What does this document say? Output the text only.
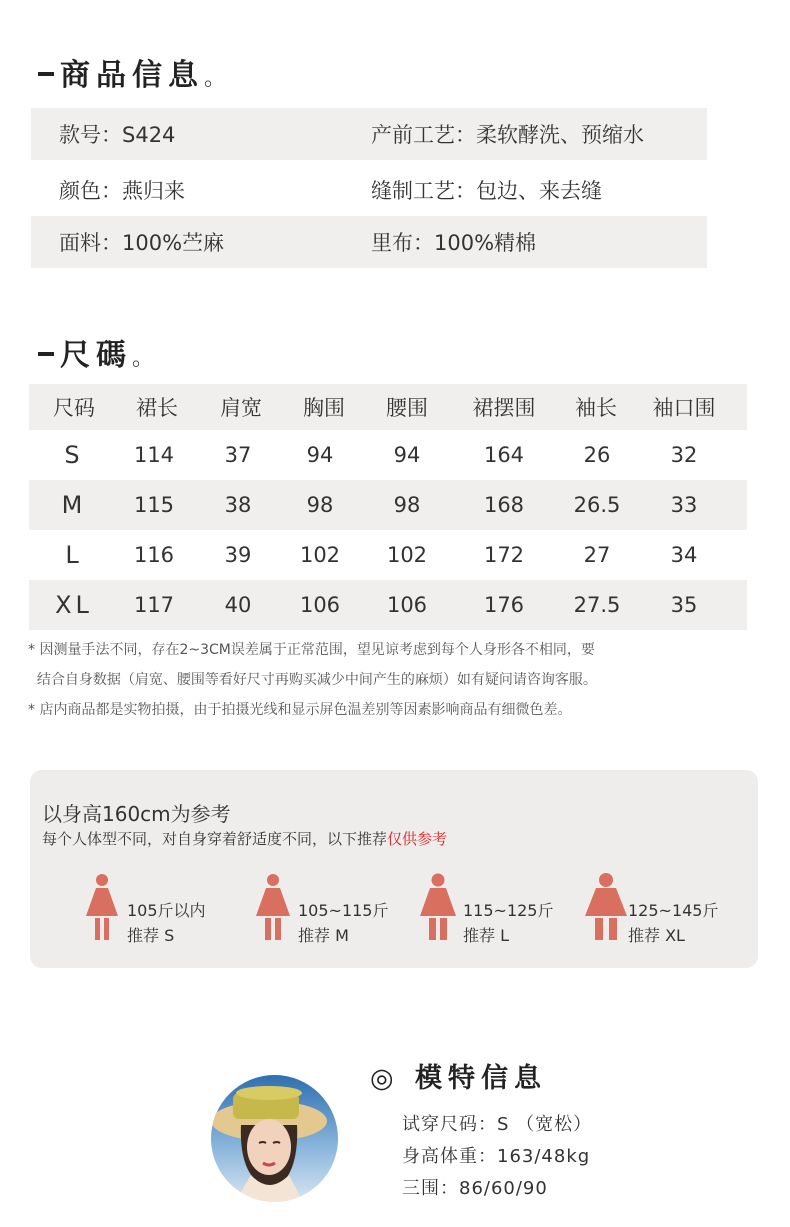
商品信息。
款号：S424	产前工艺：柔软酵洗、预缩水
颜色：燕归来	缝制工艺：包边、来去缝
面料：100%苎麻	里布：100%精棉
尺碼。
尺码 裙长 肩宽 胸围 腰围 裙摆围 袖长 袖口围
S 114 37	94	94	164	26	32
M 115 38	98	98	168 26.5 33
L 116 39 102 102	172	27	34
XL 117 40 106 106	176 27.5 35
* 因测量手法不同，存在2~3CM误差属于正常范围，望见谅考虑到每个人身形各不相同，要
结合自身数据（肩宽、腰围等看好尺寸再购买减少中间产生的麻烦）如有疑问请咨询客服。
* 店内商品都是实物拍摄，由于拍摄光线和显示屏色温差别等因素影响商品有细微色差。
以身高160cm为参考
每个人体型不同，对自身穿着舒适度不同，以下推荐仅供参考
105斤以内
推荐 S
105~115斤
推荐 M
115~125斤
推荐 L
125~145斤
推荐 XL
◎ 模特信息
试穿尺码：S （宽松）
身高体重：163/48kg
三围：86/60/90
